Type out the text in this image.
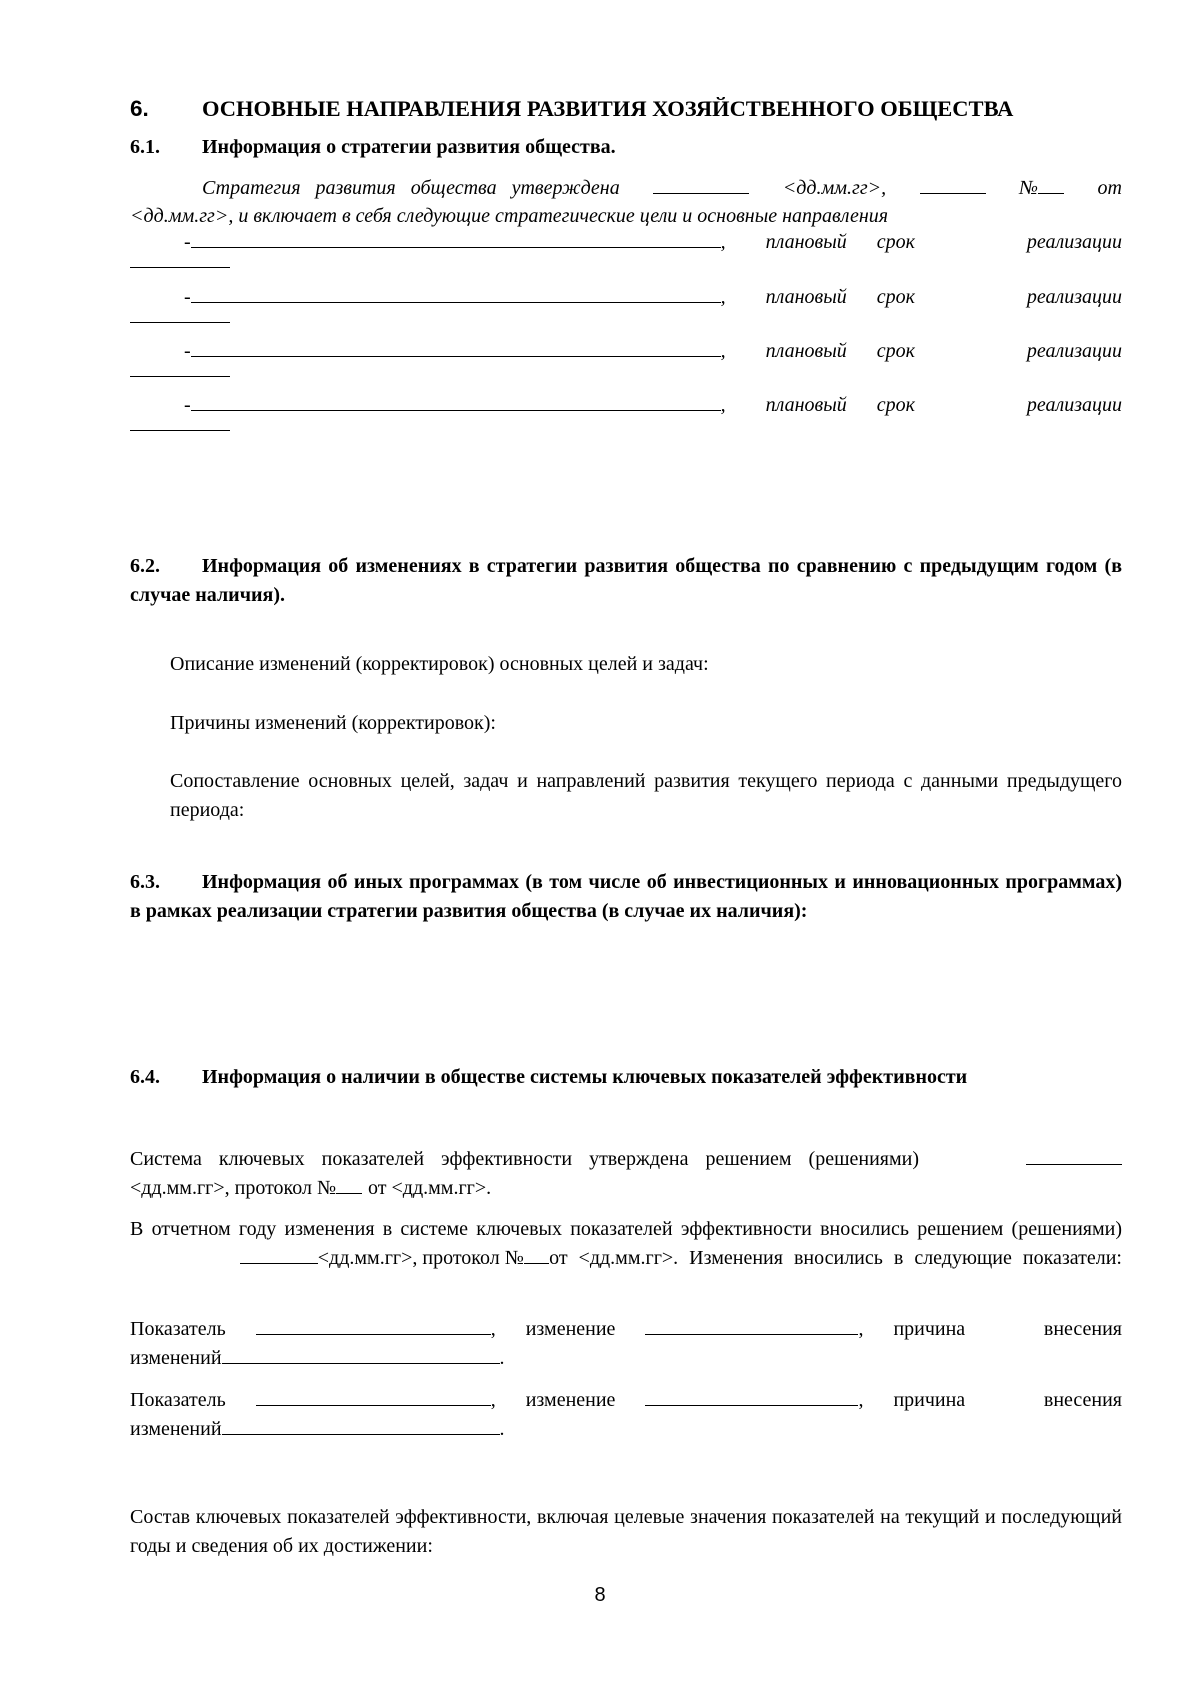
6. ОСНОВНЫЕ НАПРАВЛЕНИЯ РАЗВИТИЯ ХОЗЯЙСТВЕННОГО ОБЩЕСТВА
6.1. Информация о стратегии развития общества.
Стратегия развития общества утверждена	<дд.мм.гг>,	№	от
<дд.мм.гг>, и включает в себя следующие стратегические цели и основные направления
-	, плановый срок	реализации
-	, плановый срок	реализации
-	, плановый срок	реализации
-	, плановый срок	реализации
6.2. Информация об изменениях в стратегии развития общества по сравнению с предыдущим годом (в случае наличия).
Описание изменений (корректировок) основных целей и задач:
Причины изменений (корректировок):
Сопоставление основных целей, задач и направлений развития текущего периода с данными предыдущего периода:
6.3. Информация об иных программах (в том числе об инвестиционных и инновационных программах) в рамках реализации стратегии развития общества (в случае их наличия):
6.4. Информация о наличии в обществе системы ключевых показателей эффективности
Система ключевых показателей эффективности утверждена решением (решениями)
<дд.мм.гг>, протокол № от <дд.мм.гг>.
В отчетном году изменения в системе ключевых показателей эффективности вносились решением (решениями)
<дд.мм.гг>, протокол № от <дд.мм.гг>. Изменения вносились в следующие показатели:
Показатель	, изменение	, причина	внесения
изменений	.
Показатель	, изменение	, причина	внесения
изменений	.
Состав ключевых показателей эффективности, включая целевые значения показателей на текущий и последующий годы и сведения об их достижении:
8
